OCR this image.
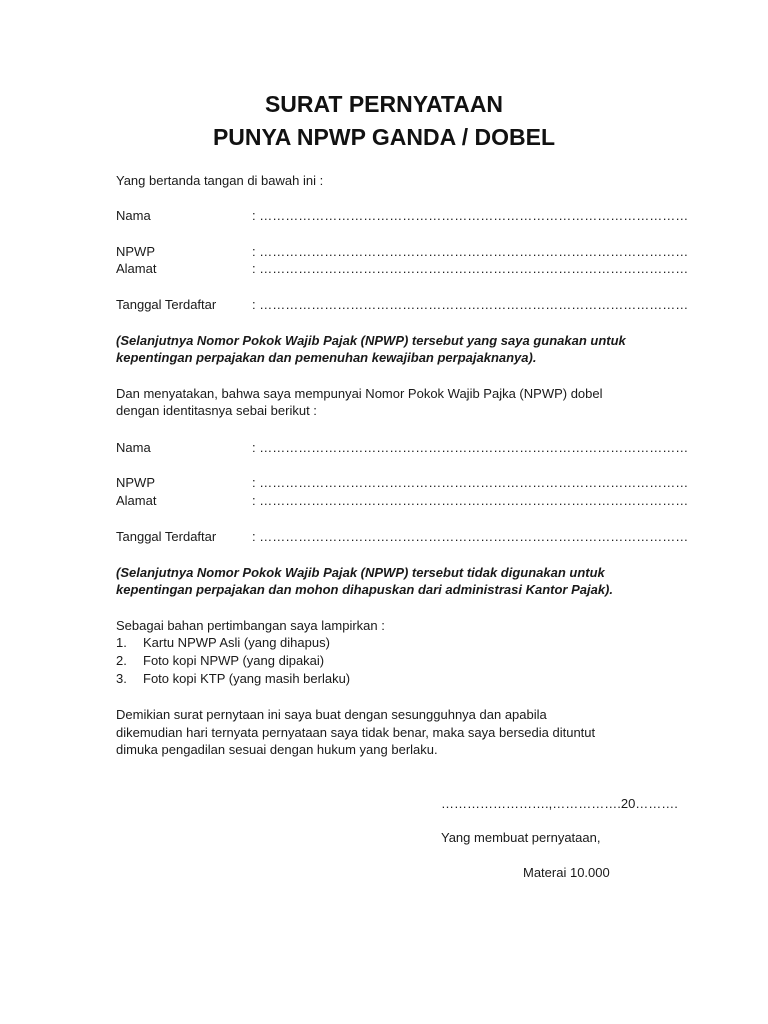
SURAT PERNYATAAN
PUNYA NPWP GANDA / DOBEL
Yang bertanda tangan di bawah ini :
Nama	: ………………………………………………………………………………………
NPWP	: ………………………………………………………………………………………
Alamat	: ………………………………………………………………………………………
Tanggal Terdaftar	: ………………………………………………………………………………………
(Selanjutnya Nomor Pokok Wajib Pajak (NPWP) tersebut yang saya gunakan untuk
kepentingan perpajakan dan pemenuhan kewajiban perpajaknanya).
Dan menyatakan, bahwa saya mempunyai Nomor Pokok Wajib Pajka (NPWP) dobel
dengan identitasnya sebai berikut :
Nama	: ………………………………………………………………………………………
NPWP	: ………………………………………………………………………………………
Alamat	: ………………………………………………………………………………………
Tanggal Terdaftar	: ………………………………………………………………………………………
(Selanjutnya Nomor Pokok Wajib Pajak (NPWP) tersebut tidak digunakan untuk
kepentingan perpajakan dan mohon dihapuskan dari administrasi Kantor Pajak).
Sebagai bahan pertimbangan saya lampirkan :
1. Kartu NPWP Asli (yang dihapus)
2. Foto kopi NPWP (yang dipakai)
3. Foto kopi KTP (yang masih berlaku)
Demikian surat pernytaan ini saya buat dengan sesungguhnya dan apabila
dikemudian hari ternyata pernyataan saya tidak benar, maka saya bersedia dituntut
dimuka pengadilan sesuai dengan hukum yang berlaku.
…………………….,…………….20……….
Yang membuat pernyataan,
Materai 10.000
